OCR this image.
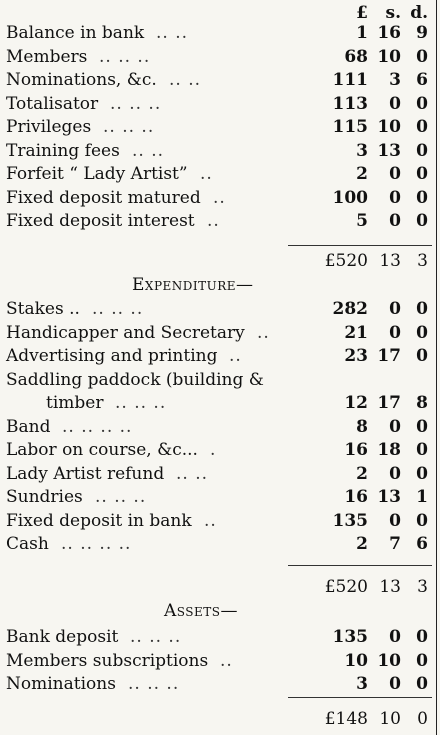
£	s. d.
Balance in bank .. ..	1 16 9
Members .. .. ..	68 10 0
Nominations, &c. .. ..	111	3 6
Totalisator .. .. ..	113	0 0
Privileges .. .. ..	115 10 0
Training fees .. ..	3 13 0
Forfeit “ Lady Artist” ..	2	0 0
Fixed deposit matured ..	100	0 0
Fixed deposit interest ..	5	0 0
£520 13 3
Expenditure—
Stakes .. .. .. ..	282	0 0
Handicapper and Secretary ..	21	0 0
Advertising and printing ..	23 17 0
Saddling paddock (building &
timber .. .. ..	12 17 8
Band .. .. .. ..	8	0 0
Labor on course, &c... .	16 18 0
Lady Artist refund .. ..	2	0 0
Sundries .. .. ..	16 13 1
Fixed deposit in bank ..	135	0 0
Cash .. .. .. ..	2	7 6
£520 13 3
Assets—
Bank deposit .. .. ..	135	0 0
Members subscriptions ..	10 10 0
Nominations .. .. ..	3	0 0
£148 10 0
